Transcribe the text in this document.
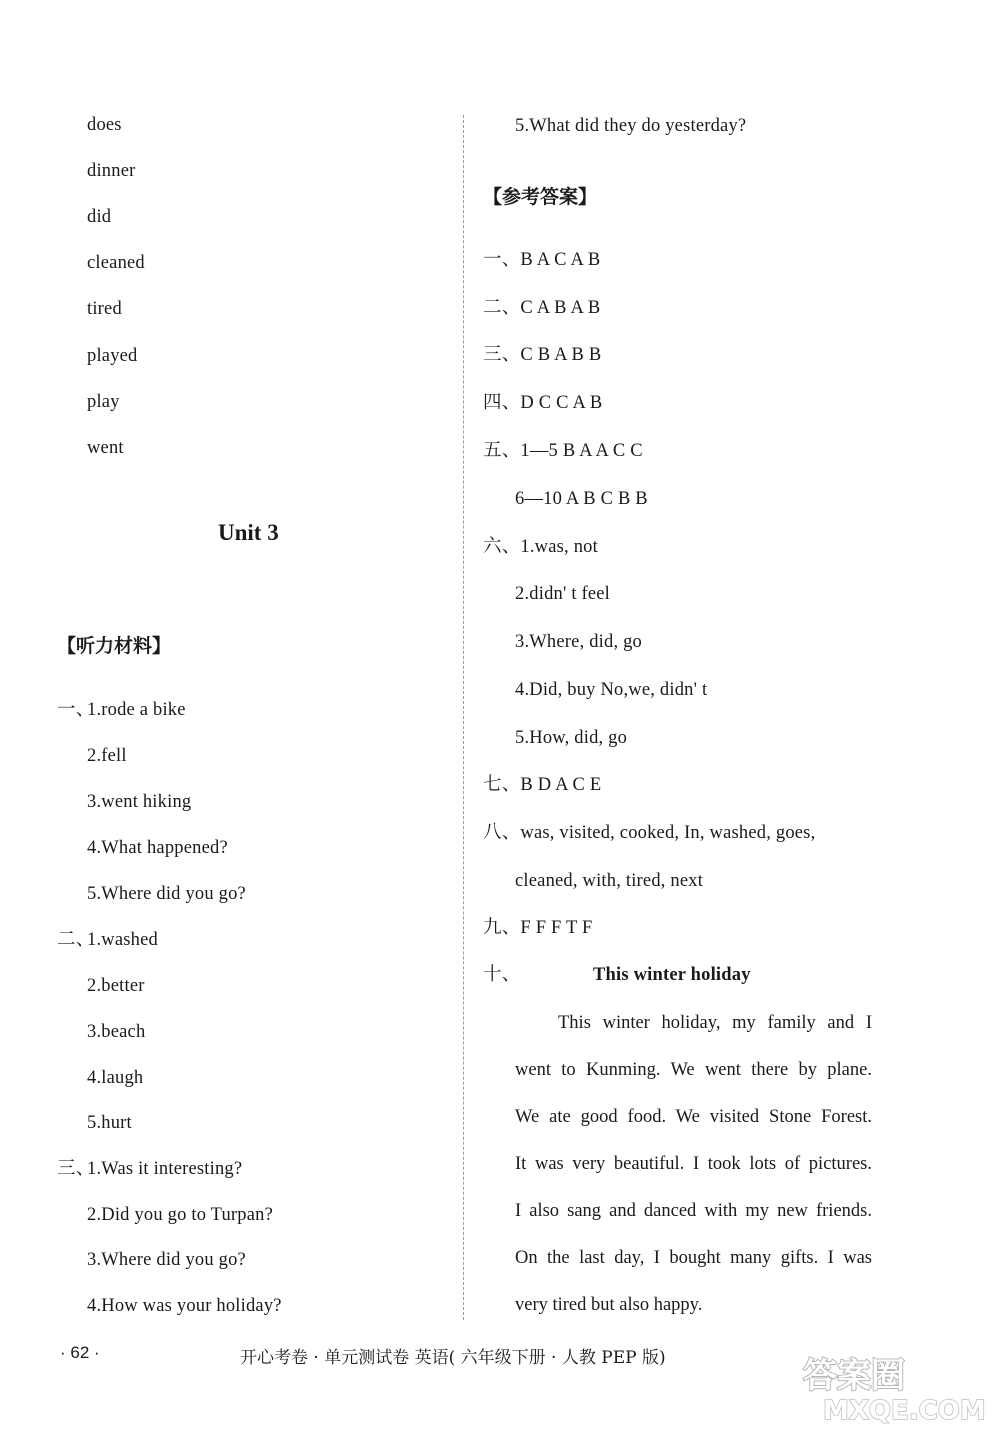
does
dinner
did
cleaned
tired
played
play
went
Unit 3
【听力材料】
一、
1.rode a bike
2.fell
3.went hiking
4.What happened?
5.Where did you go?
二、
1.washed
2.better
3.beach
4.laugh
5.hurt
三、
1.Was it interesting?
2.Did you go to Turpan?
3.Where did you go?
4.How was your holiday?
5.What did they do yesterday?
【参考答案】
一、B A C A B
二、C A B A B
三、C B A B B
四、D C C A B
五、1—5 B A A C C
6—10 A B C B B
六、1.was, not
2.didn' t feel
3.Where, did, go
4.Did, buy No,we, didn' t
5.How, did, go
七、B D A C E
八、was, visited, cooked, In, washed, goes,
cleaned, with, tired, next
九、F F F T F
十、	This winter holiday
This winter holiday, my family and I
went to Kunming. We went there by plane.
We ate good food. We visited Stone Forest.
It was very beautiful. I took lots of pictures.
I also sang and danced with my new friends.
On the last day, I bought many gifts. I was
very tired but also happy.
· 62 ·	开心考卷 · 单元测试卷 英语( 六年级下册 · 人教 PEP 版)	答案圈
MXQE.COM
